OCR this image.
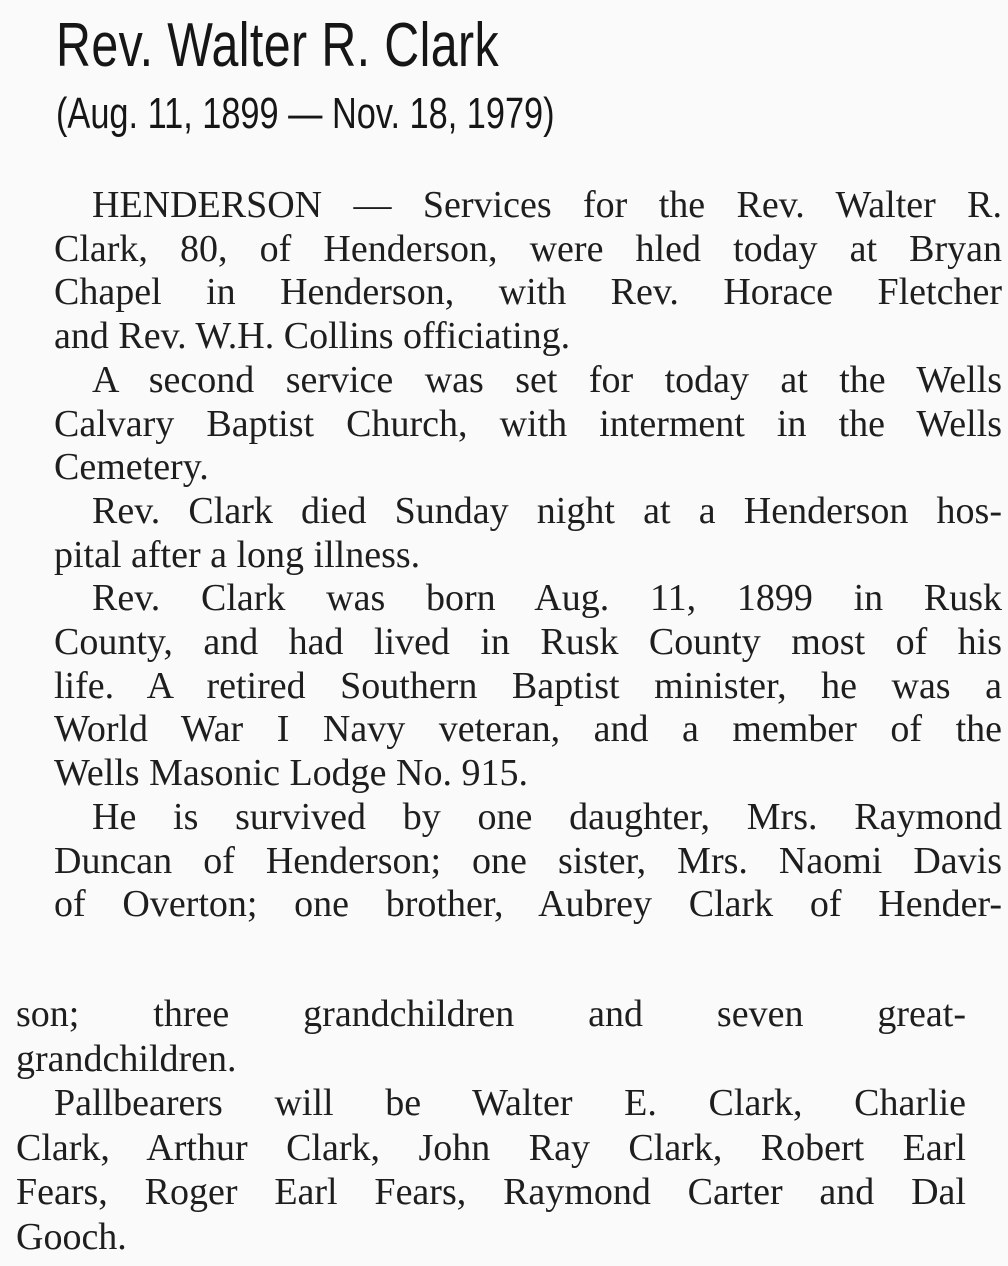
Rev. Walter R. Clark
(Aug. 11, 1899 — Nov. 18, 1979)
HENDERSON — Services for the Rev. Walter R.
Clark, 80, of Henderson, were hled today at Bryan
Chapel in Henderson, with Rev. Horace Fletcher
and Rev. W.H. Collins officiating.
A second service was set for today at the Wells
Calvary Baptist Church, with interment in the Wells
Cemetery.
Rev. Clark died Sunday night at a Henderson hos-
pital after a long illness.
Rev. Clark was born Aug. 11, 1899 in Rusk
County, and had lived in Rusk County most of his
life. A retired Southern Baptist minister, he was a
World War I Navy veteran, and a member of the
Wells Masonic Lodge No. 915.
He is survived by one daughter, Mrs. Raymond
Duncan of Henderson; one sister, Mrs. Naomi Davis
of Overton; one brother, Aubrey Clark of Hender-
son; three grandchildren and seven great-
grandchildren.
Pallbearers will be Walter E. Clark, Charlie
Clark, Arthur Clark, John Ray Clark, Robert Earl
Fears, Roger Earl Fears, Raymond Carter and Dal
Gooch.
